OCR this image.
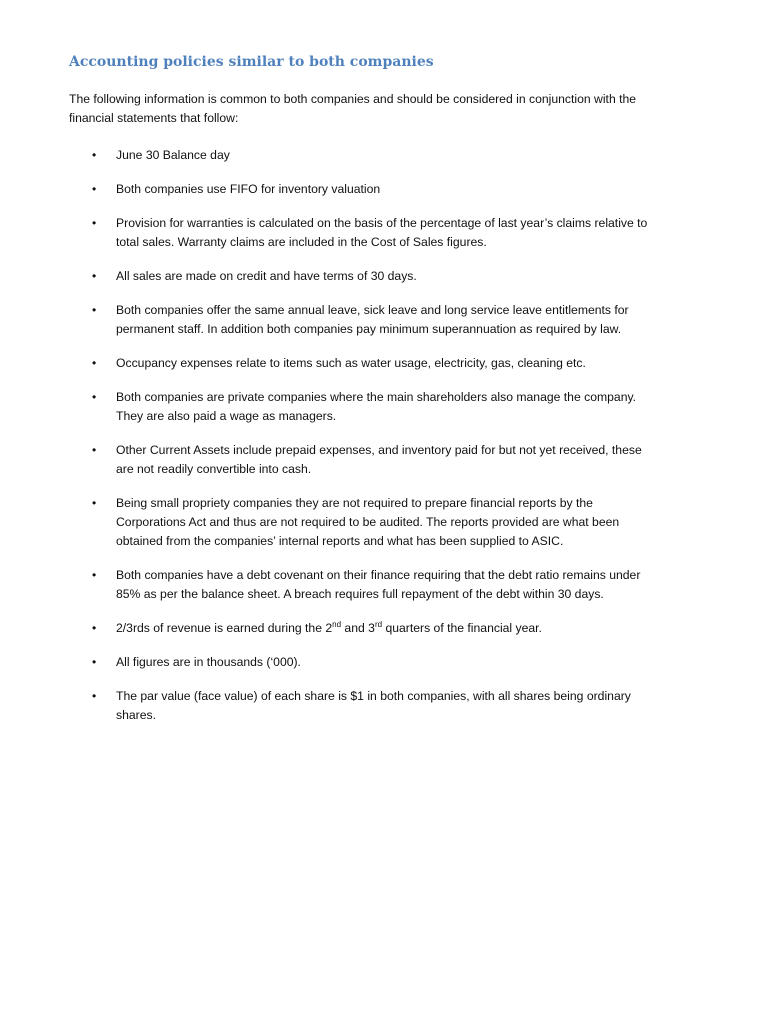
Accounting policies similar to both companies

The following information is common to both companies and should be considered in conjunction with the
financial statements that follow:

•	June 30 Balance day
•	Both companies use FIFO for inventory valuation
•	Provision for warranties is calculated on the basis of the percentage of last year’s claims relative to
total sales. Warranty claims are included in the Cost of Sales figures.
•	All sales are made on credit and have terms of 30 days.
•	Both companies offer the same annual leave, sick leave and long service leave entitlements for
permanent staff. In addition both companies pay minimum superannuation as required by law.
•	Occupancy expenses relate to items such as water usage, electricity, gas, cleaning etc.
•	Both companies are private companies where the main shareholders also manage the company.
They are also paid a wage as managers.
•	Other Current Assets include prepaid expenses, and inventory paid for but not yet received, these
are not readily convertible into cash.
•	Being small propriety companies they are not required to prepare financial reports by the
Corporations Act and thus are not required to be audited. The reports provided are what been
obtained from the companies’ internal reports and what has been supplied to ASIC.
•	Both companies have a debt covenant on their finance requiring that the debt ratio remains under
85% as per the balance sheet. A breach requires full repayment of the debt within 30 days.
•	2/3rds of revenue is earned during the 2nd and 3rd quarters of the financial year.
•	All figures are in thousands (‘000).
•	The par value (face value) of each share is $1 in both companies, with all shares being ordinary
shares.
